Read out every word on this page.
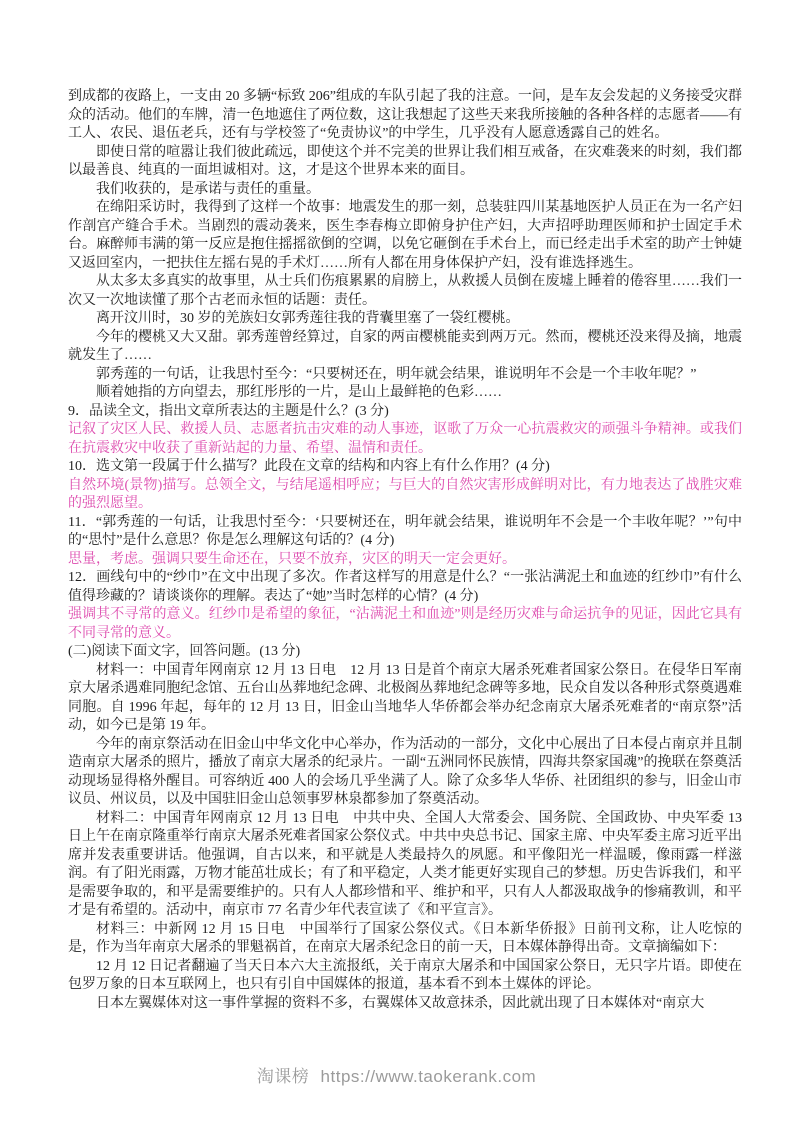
到成都的夜路上，一支由 20 多辆“标致 206”组成的车队引起了我的注意。一问，是车友会发起的义务接受灾群众的活动。他们的车牌，清一色地遮住了两位数，这让我想起了这些天来我所接触的各种各样的志愿者——有工人、农民、退伍老兵，还有与学校签了“免责协议”的中学生，几乎没有人愿意透露自己的姓名。

即使日常的喧嚣让我们彼此疏远，即使这个并不完美的世界让我们相互戒备，在灾难袭来的时刻，我们都以最善良、纯真的一面坦诚相对。这，才是这个世界本来的面目。

我们收获的，是承诺与责任的重量。

在绵阳采访时，我得到了这样一个故事：地震发生的那一刻，总装驻四川某基地医护人员正在为一名产妇作剖宫产缝合手术。当剧烈的震动袭来，医生李春梅立即俯身护住产妇，大声招呼助理医师和护士固定手术台。麻醉师韦满的第一反应是抱住摇摇欲倒的空调，以免它砸倒在手术台上，而已经走出手术室的助产士钟婕又返回室内，一把扶住左摇右晃的手术灯……所有人都在用身体保护产妇，没有谁选择逃生。

从太多太多真实的故事里，从士兵们伤痕累累的肩膀上，从救援人员倒在废墟上睡着的倦容里……我们一次又一次地读懂了那个古老而永恒的话题：责任。

离开汶川时，30 岁的羌族妇女郭秀莲往我的背囊里塞了一袋红樱桃。

今年的樱桃又大又甜。郭秀莲曾经算过，自家的两亩樱桃能卖到两万元。然而，樱桃还没来得及摘，地震就发生了……

郭秀莲的一句话，让我思忖至今：“只要树还在，明年就会结果，谁说明年不会是一个丰收年呢？”

顺着她指的方向望去，那红彤彤的一片，是山上最鲜艳的色彩……

9．品读全文，指出文章所表达的主题是什么？(3 分)

记叙了灾区人民、救援人员、志愿者抗击灾难的动人事迹，讴歌了万众一心抗震救灾的顽强斗争精神。或我们在抗震救灾中收获了重新站起的力量、希望、温情和责任。

10．选文第一段属于什么描写？此段在文章的结构和内容上有什么作用？(4 分)

自然环境(景物)描写。总领全文，与结尾遥相呼应；与巨大的自然灾害形成鲜明对比，有力地表达了战胜灾难的强烈愿望。

11．“郭秀莲的一句话，让我思忖至今：‘只要树还在，明年就会结果，谁说明年不会是一个丰收年呢？’”句中的“思忖”是什么意思？你是怎么理解这句话的？(4 分)

思量，考虑。强调只要生命还在，只要不放弃，灾区的明天一定会更好。

12．画线句中的“纱巾”在文中出现了多次。作者这样写的用意是什么？“一张沾满泥土和血迹的红纱巾”有什么值得珍藏的？请谈谈你的理解。表达了“她”当时怎样的心情？(4 分)

强调其不寻常的意义。红纱巾是希望的象征，“沾满泥土和血迹”则是经历灾难与命运抗争的见证，因此它具有不同寻常的意义。

(二)阅读下面文字，回答问题。(13 分)

材料一：中国青年网南京 12 月 13 日电　12 月 13 日是首个南京大屠杀死难者国家公祭日。在侵华日军南京大屠杀遇难同胞纪念馆、五台山丛葬地纪念碑、北极阁丛葬地纪念碑等多地，民众自发以各种形式祭奠遇难同胞。自 1996 年起，每年的 12 月 13 日，旧金山当地华人华侨都会举办纪念南京大屠杀死难者的“南京祭”活动，如今已是第 19 年。

今年的南京祭活动在旧金山中华文化中心举办，作为活动的一部分，文化中心展出了日本侵占南京并且制造南京大屠杀的照片，播放了南京大屠杀的纪录片。一副“五洲同怀民族情，四海共祭家国魂”的挽联在祭奠活动现场显得格外醒目。可容纳近 400 人的会场几乎坐满了人。除了众多华人华侨、社团组织的参与，旧金山市议员、州议员，以及中国驻旧金山总领事罗林泉都参加了祭奠活动。

材料二：中国青年网南京 12 月 13 日电　中共中央、全国人大常委会、国务院、全国政协、中央军委 13 日上午在南京隆重举行南京大屠杀死难者国家公祭仪式。中共中央总书记、国家主席、中央军委主席习近平出席并发表重要讲话。他强调，自古以来，和平就是人类最持久的夙愿。和平像阳光一样温暖，像雨露一样滋润。有了阳光雨露，万物才能茁壮成长；有了和平稳定，人类才能更好实现自己的梦想。历史告诉我们，和平是需要争取的，和平是需要维护的。只有人人都珍惜和平、维护和平，只有人人都汲取战争的惨痛教训，和平才是有希望的。活动中，南京市 77 名青少年代表宣读了《和平宣言》。

材料三：中新网 12 月 15 日电　中国举行了国家公祭仪式。《日本新华侨报》日前刊文称，让人吃惊的是，作为当年南京大屠杀的罪魁祸首，在南京大屠杀纪念日的前一天，日本媒体静得出奇。文章摘编如下：

12 月 12 日记者翻遍了当天日本六大主流报纸，关于南京大屠杀和中国国家公祭日，无只字片语。即使在包罗万象的日本互联网上，也只有引自中国媒体的报道，基本看不到本土媒体的评论。

日本左翼媒体对这一事件掌握的资料不多，右翼媒体又故意抹杀，因此就出现了日本媒体对“南京大

淘课榜 https://www.taokerank.com
